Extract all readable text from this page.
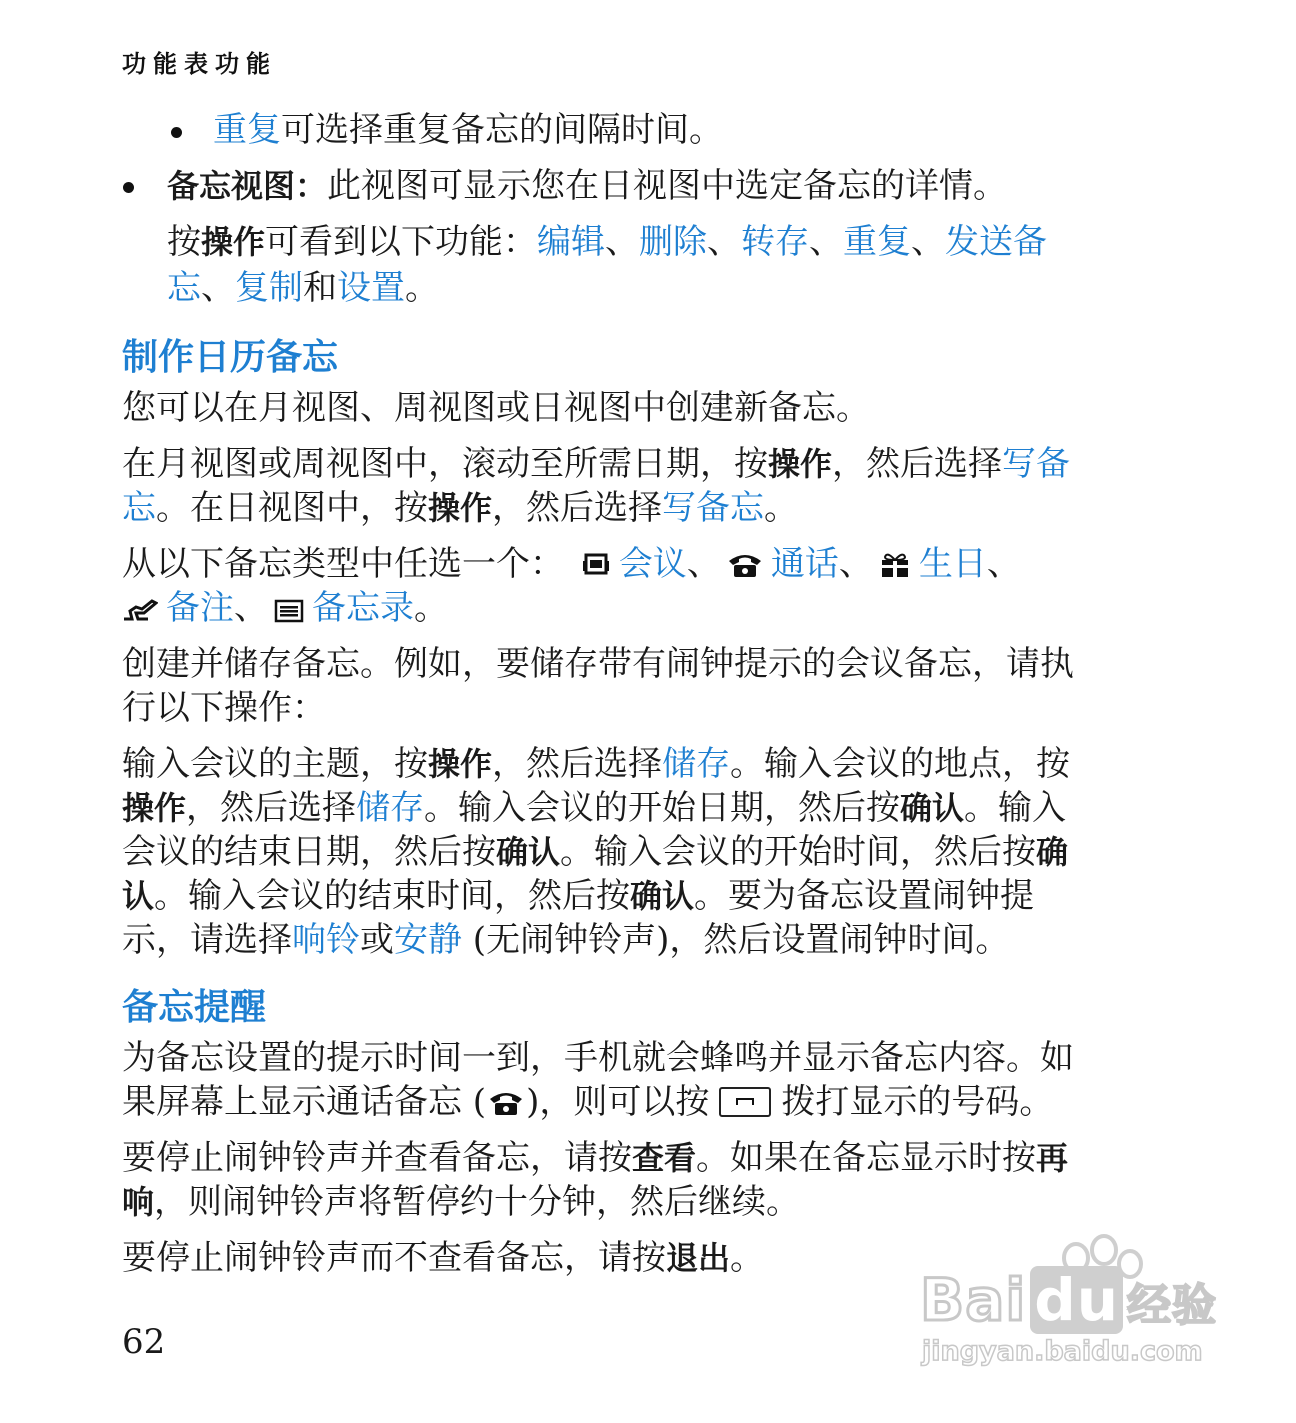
功能表功能
重复可选择重复备忘的间隔时间。
备忘视图：此视图可显示您在日视图中选定备忘的详情。
按操作可看到以下功能：编辑、删除、转存、重复、发送备
忘、复制和设置。
制作日历备忘
您可以在月视图、周视图或日视图中创建新备忘。
在月视图或周视图中，滚动至所需日期，按操作，然后选择写备
忘。在日视图中，按操作，然后选择写备忘。
从以下备忘类型中任选一个： 会议、 通话、 生日、
备注、 备忘录。
创建并储存备忘。例如，要储存带有闹钟提示的会议备忘，请执
行以下操作：
输入会议的主题，按操作，然后选择储存。输入会议的地点，按
操作，然后选择储存。输入会议的开始日期，然后按确认。输入
会议的结束日期，然后按确认。输入会议的开始时间，然后按确
认。输入会议的结束时间，然后按确认。要为备忘设置闹钟提
示，请选择响铃或安静 (无闹钟铃声)，然后设置闹钟时间。
备忘提醒
为备忘设置的提示时间一到，手机就会蜂鸣并显示备忘内容。如
果屏幕上显示通话备忘 ( )，则可以按 拨打显示的号码。
要停止闹钟铃声并查看备忘，请按查看。如果在备忘显示时按再
响，则闹钟铃声将暂停约十分钟，然后继续。
要停止闹钟铃声而不查看备忘，请按退出。
62
Bai du 经验
jingyan.baidu.com
